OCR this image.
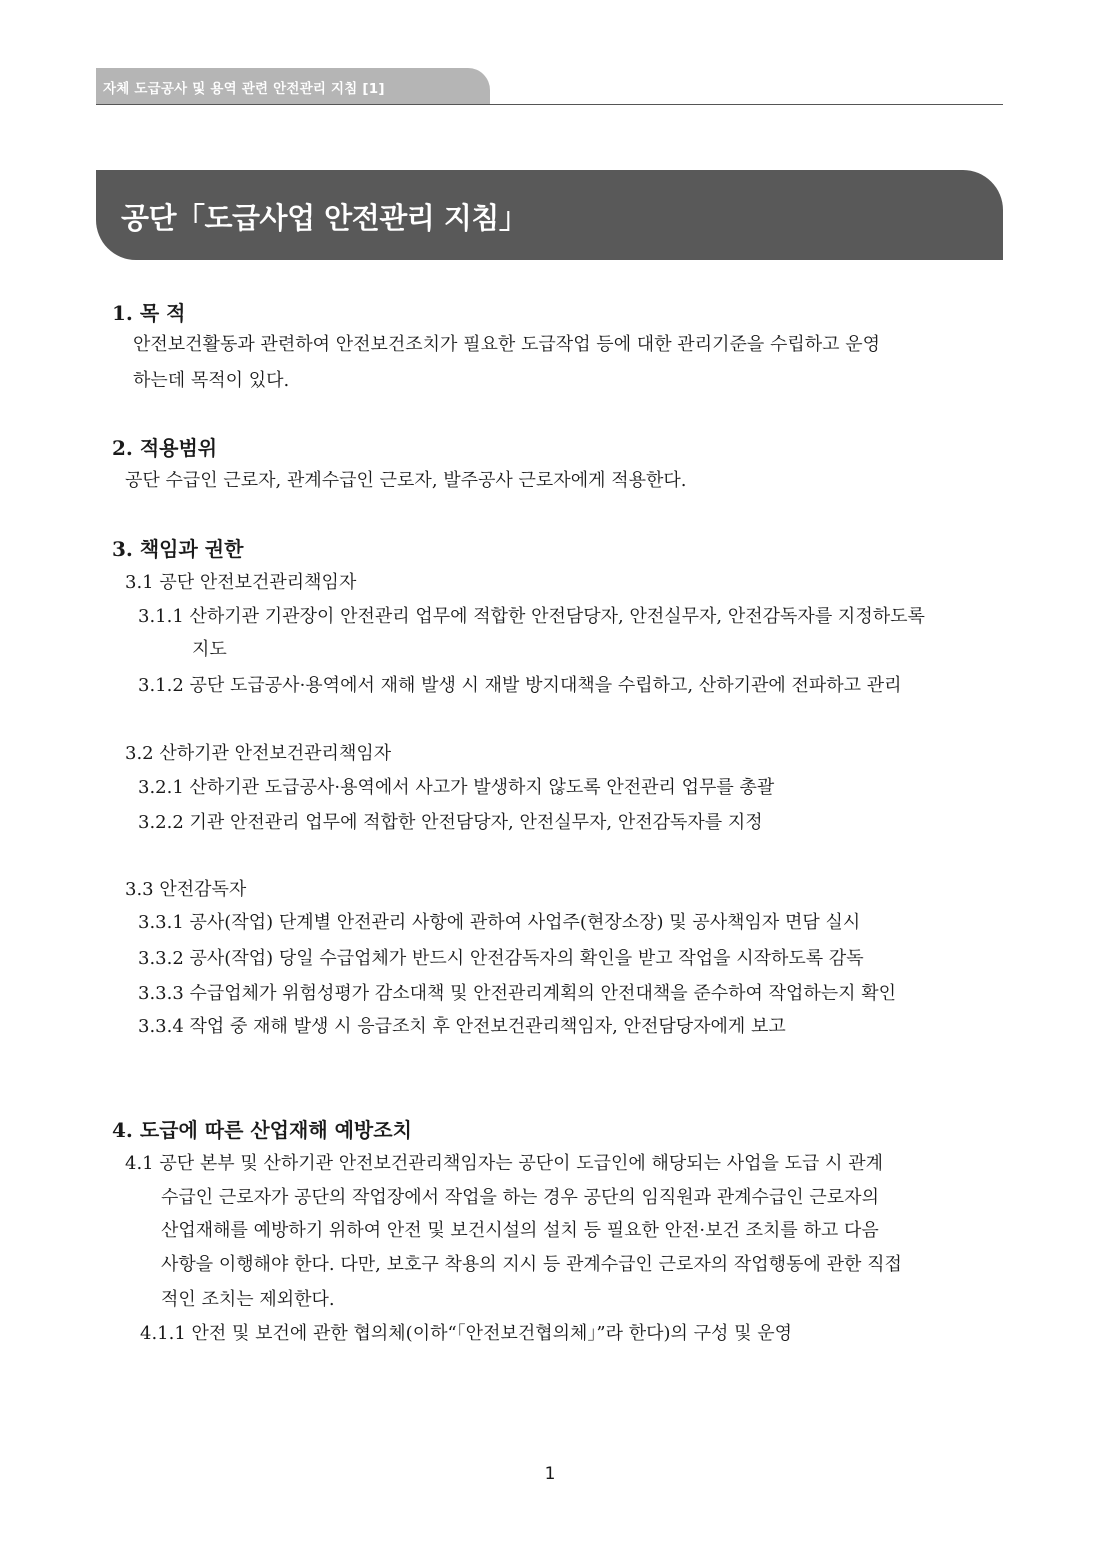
자체 도급공사 및 용역 관련 안전관리 지침 [1]
공단「도급사업 안전관리 지침」
1. 목 적
안전보건활동과 관련하여 안전보건조치가 필요한 도급작업 등에 대한 관리기준을 수립하고 운영
하는데 목적이 있다.
2. 적용범위
공단 수급인 근로자, 관계수급인 근로자, 발주공사 근로자에게 적용한다.
3. 책임과 권한
3.1 공단 안전보건관리책임자
3.1.1 산하기관 기관장이 안전관리 업무에 적합한 안전담당자, 안전실무자, 안전감독자를 지정하도록
지도
3.1.2 공단 도급공사·용역에서 재해 발생 시 재발 방지대책을 수립하고, 산하기관에 전파하고 관리
3.2 산하기관 안전보건관리책임자
3.2.1 산하기관 도급공사·용역에서 사고가 발생하지 않도록 안전관리 업무를 총괄
3.2.2 기관 안전관리 업무에 적합한 안전담당자, 안전실무자, 안전감독자를 지정
3.3 안전감독자
3.3.1 공사(작업) 단계별 안전관리 사항에 관하여 사업주(현장소장) 및 공사책임자 면담 실시
3.3.2 공사(작업) 당일 수급업체가 반드시 안전감독자의 확인을 받고 작업을 시작하도록 감독
3.3.3 수급업체가 위험성평가 감소대책 및 안전관리계획의 안전대책을 준수하여 작업하는지 확인
3.3.4 작업 중 재해 발생 시 응급조치 후 안전보건관리책임자, 안전담당자에게 보고
4. 도급에 따른 산업재해 예방조치
4.1 공단 본부 및 산하기관 안전보건관리책임자는 공단이 도급인에 해당되는 사업을 도급 시 관계
수급인 근로자가 공단의 작업장에서 작업을 하는 경우 공단의 임직원과 관계수급인 근로자의
산업재해를 예방하기 위하여 안전 및 보건시설의 설치 등 필요한 안전·보건 조치를 하고 다음
사항을 이행해야 한다. 다만, 보호구 착용의 지시 등 관계수급인 근로자의 작업행동에 관한 직접
적인 조치는 제외한다.
4.1.1 안전 및 보건에 관한 협의체(이하“「안전보건협의체」”라 한다)의 구성 및 운영
1
